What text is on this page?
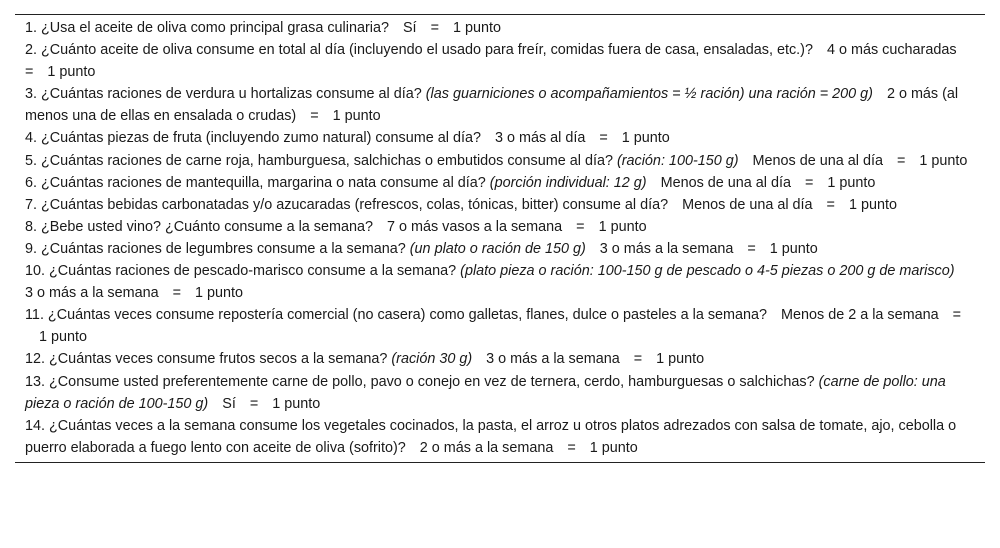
1. ¿Usa el aceite de oliva como principal grasa culinaria? Sí = 1 punto
2. ¿Cuánto aceite de oliva consume en total al día (incluyendo el usado para freír, comidas fuera de casa, ensaladas, etc.)? 4 o más cucharadas= 1 punto
3. ¿Cuántas raciones de verdura u hortalizas consume al día? (las guarniciones o acompañamientos = ½ ración) una ración = 200 g) 2 o más (al menos una de ellas en ensalada o crudas) = 1 punto
4. ¿Cuántas piezas de fruta (incluyendo zumo natural) consume al día? 3 o más al día = 1 punto
5. ¿Cuántas raciones de carne roja, hamburguesa, salchichas o embutidos consume al día? (ración: 100-150 g) Menos de una al día = 1 punto
6. ¿Cuántas raciones de mantequilla, margarina o nata consume al día? (porción individual: 12 g) Menos de una al día = 1 punto
7. ¿Cuántas bebidas carbonatadas y/o azucaradas (refrescos, colas, tónicas, bitter) consume al día? Menos de una al día = 1 punto
8. ¿Bebe usted vino? ¿Cuánto consume a la semana? 7 o más vasos a la semana = 1 punto
9. ¿Cuántas raciones de legumbres consume a la semana? (un plato o ración de 150 g) 3 o más a la semana = 1 punto
10. ¿Cuántas raciones de pescado-marisco consume a la semana? (plato pieza o ración: 100-150 g de pescado o 4-5 piezas o 200 g de marisco)3 o más a la semana = 1 punto
11. ¿Cuántas veces consume repostería comercial (no casera) como galletas, flanes, dulce o pasteles a la semana? Menos de 2 a la semana =1 punto
12. ¿Cuántas veces consume frutos secos a la semana? (ración 30 g) 3 o más a la semana = 1 punto
13. ¿Consume usted preferentemente carne de pollo, pavo o conejo en vez de ternera, cerdo, hamburguesas o salchichas? (carne de pollo: una pieza o ración de 100-150 g) Sí = 1 punto
14. ¿Cuántas veces a la semana consume los vegetales cocinados, la pasta, el arroz u otros platos adrezados con salsa de tomate, ajo, cebolla o puerro elaborada a fuego lento con aceite de oliva (sofrito)? 2 o más a la semana = 1 punto
